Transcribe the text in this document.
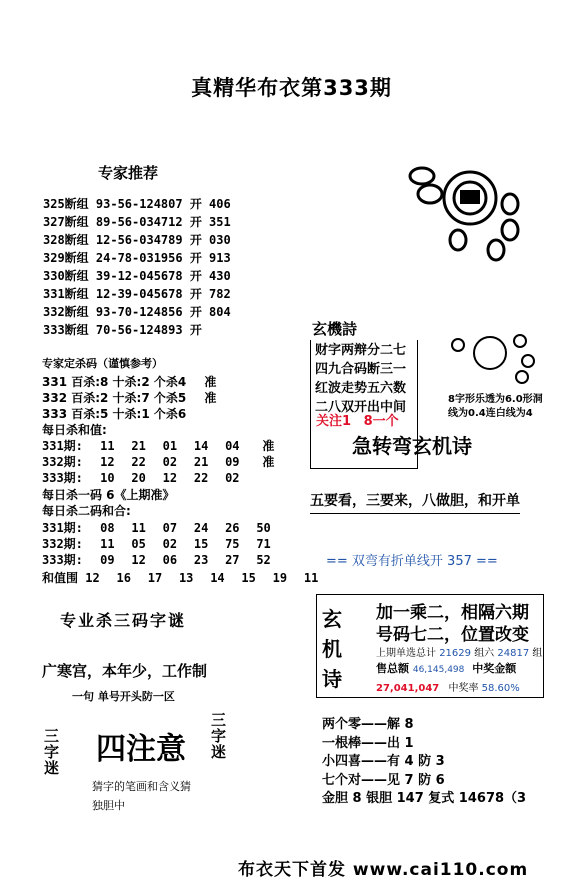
真精华布衣第333期
专家推荐
325断组 93-56-124807 开 406
327断组 89-56-034712 开 351
328断组 12-56-034789 开 030
329断组 24-78-031956 开 913
330断组 39-12-045678 开 430
331断组 12-39-045678 开 782
332断组 93-70-124856 开 804
333断组 70-56-124893 开
专家定杀码（谨慎参考）
331 百杀:8 十杀:2 个杀4 准
332 百杀:2 十杀:7 个杀5 准
333 百杀:5 十杀:1 个杀6
每日杀和值:
331期: 11 21 01 14 04 准
332期: 12 22 02 21 09 准
333期: 10 20 12 22 02
每日杀一码 6《上期准》
每日杀二码和合:
331期: 08 11 07 24 26 50
332期: 11 05 02 15 75 71
333期: 09 12 06 23 27 52
和值围 12 16 17 13 14 15 19 11
专业杀三码字谜
广寒宫，本年少，工作制
一句 单号开头防一区
三字迷
三字迷
四注意
猜字的笔画和含义猜
独胆中
玄機詩
财字两辩分二七
四九合码断三一
红波走势五六数
二八双开出中间
关注1 8一个
8字形乐透为6.0形洞
线为0.4连白线为4
急转弯玄机诗
五要看，三要来，八做胆，和开单
== 双弯有折单线开 357 ==
玄
机
诗
加一乘二，相隔六期
号码七二，位置改变
上期单选总计 21629 组六 24817 组
售总额 46,145,498 中奖金额
27,041,047 中奖率 58.60%
两个零——解 8
一根棒——出 1
小四喜——有 4 防 3
七个对——见 7 防 6
金胆 8 银胆 147 复式 14678（3
布衣天下首发 www.cai110.com
